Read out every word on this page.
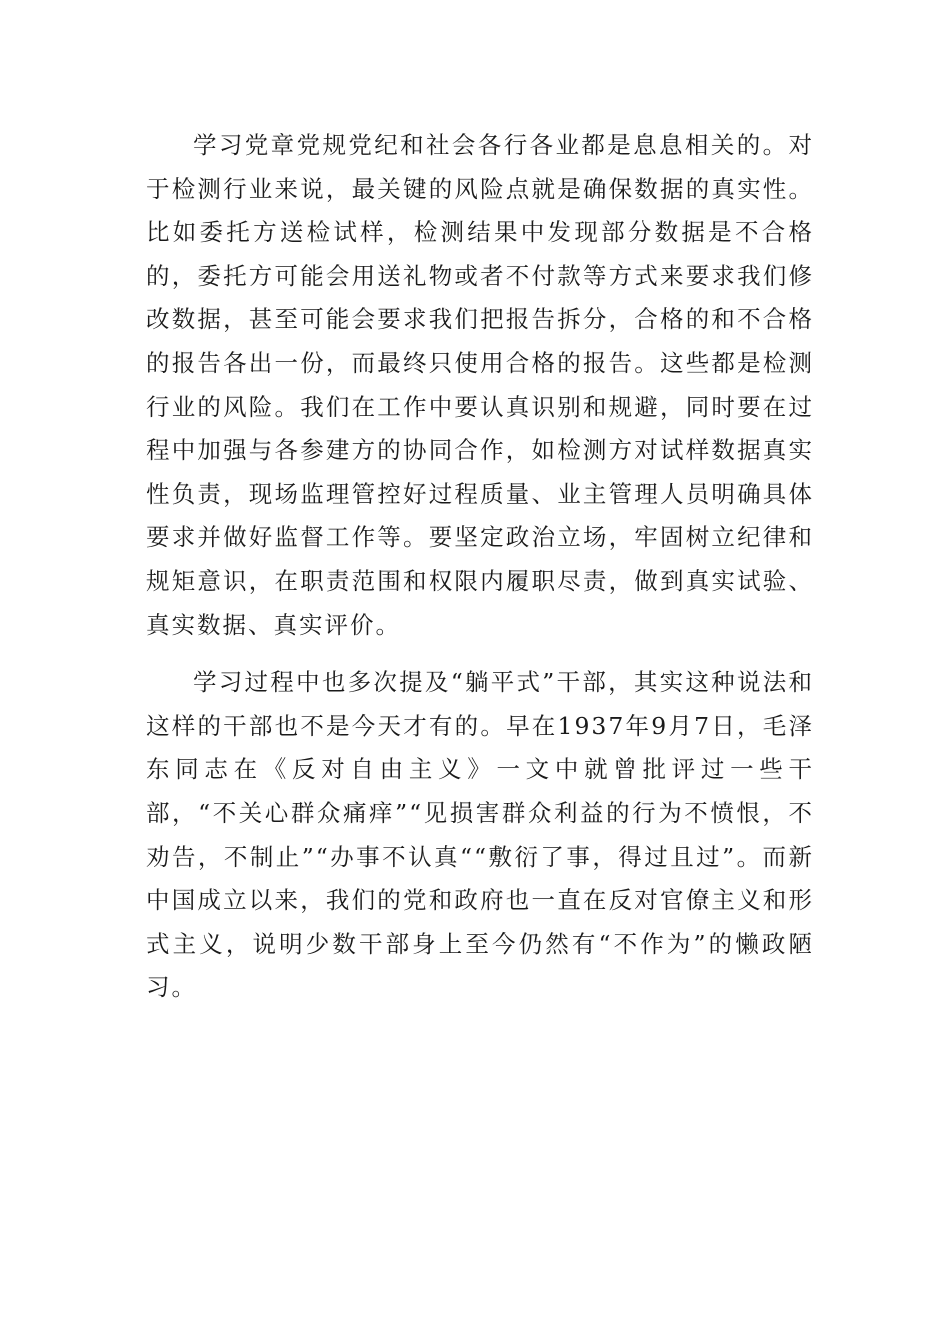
学习党章党规党纪和社会各行各业都是息息相关的。对于检测行业来说，最关键的风险点就是确保数据的真实性。比如委托方送检试样，检测结果中发现部分数据是不合格的，委托方可能会用送礼物或者不付款等方式来要求我们修改数据，甚至可能会要求我们把报告拆分，合格的和不合格的报告各出一份，而最终只使用合格的报告。这些都是检测行业的风险。我们在工作中要认真识别和规避，同时要在过程中加强与各参建方的协同合作，如检测方对试样数据真实性负责，现场监理管控好过程质量、业主管理人员明确具体要求并做好监督工作等。要坚定政治立场，牢固树立纪律和规矩意识，在职责范围和权限内履职尽责，做到真实试验、真实数据、真实评价。

学习过程中也多次提及“躺平式”干部，其实这种说法和这样的干部也不是今天才有的。早在1937年9月7日，毛泽东同志在《反对自由主义》一文中就曾批评过一些干部，“不关心群众痛痒”“见损害群众利益的行为不愤恨，不劝告，不制止”“办事不认真““敷衍了事，得过且过”。而新中国成立以来，我们的党和政府也一直在反对官僚主义和形式主义，说明少数干部身上至今仍然有“不作为”的懒政陋习。
